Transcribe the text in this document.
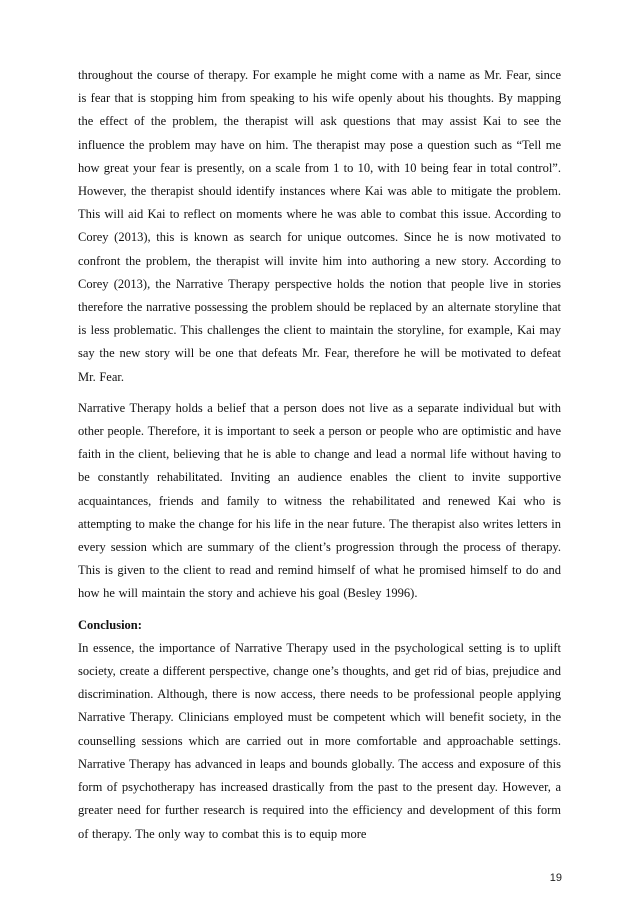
throughout the course of therapy. For example he might come with a name as Mr. Fear, since is fear that is stopping him from speaking to his wife openly about his thoughts. By mapping the effect of the problem, the therapist will ask questions that may assist Kai to see the influence the problem may have on him. The therapist may pose a question such as “Tell me how great your fear is presently, on a scale from 1 to 10, with 10 being fear in total control”. However, the therapist should identify instances where Kai was able to mitigate the problem. This will aid Kai to reflect on moments where he was able to combat this issue. According to Corey (2013), this is known as search for unique outcomes. Since he is now motivated to confront the problem, the therapist will invite him into authoring a new story. According to Corey (2013), the Narrative Therapy perspective holds the notion that people live in stories therefore the narrative possessing the problem should be replaced by an alternate storyline that is less problematic. This challenges the client to maintain the storyline, for example, Kai may say the new story will be one that defeats Mr. Fear, therefore he will be motivated to defeat Mr. Fear.

Narrative Therapy holds a belief that a person does not live as a separate individual but with other people. Therefore, it is important to seek a person or people who are optimistic and have faith in the client, believing that he is able to change and lead a normal life without having to be constantly rehabilitated. Inviting an audience enables the client to invite supportive acquaintances, friends and family to witness the rehabilitated and renewed Kai who is attempting to make the change for his life in the near future. The therapist also writes letters in every session which are summary of the client’s progression through the process of therapy. This is given to the client to read and remind himself of what he promised himself to do and how he will maintain the story and achieve his goal (Besley 1996).

Conclusion:

In essence, the importance of Narrative Therapy used in the psychological setting is to uplift society, create a different perspective, change one’s thoughts, and get rid of bias, prejudice and discrimination. Although, there is now access, there needs to be professional people applying Narrative Therapy. Clinicians employed must be competent which will benefit society, in the counselling sessions which are carried out in more comfortable and approachable settings. Narrative Therapy has advanced in leaps and bounds globally. The access and exposure of this form of psychotherapy has increased drastically from the past to the present day. However, a greater need for further research is required into the efficiency and development of this form of therapy. The only way to combat this is to equip more

19
